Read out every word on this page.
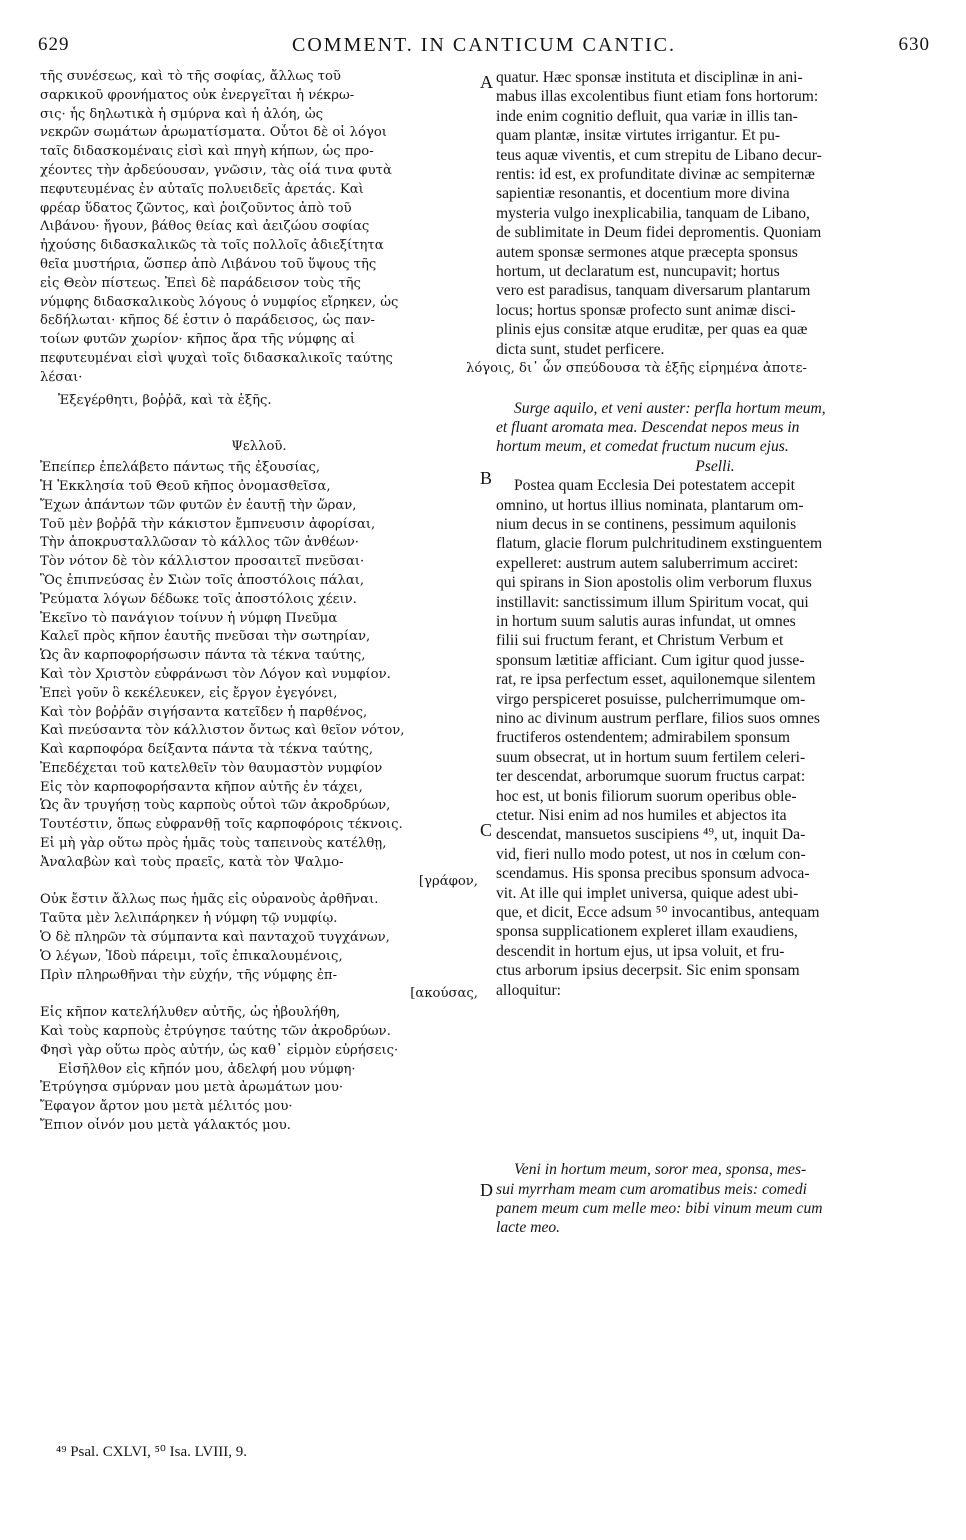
629	COMMENT. IN CANTICUM CANTIC.	630
A
B
C
D

τῆς συνέσεως, καὶ τὸ τῆς σοφίας, ἄλλως τοῦ

σαρκικοῦ φρονήματος οὐκ ἐνεργεῖται ἡ νέκρω-

σις· ἧς δηλωτικὰ ἡ σμύρνα καὶ ἡ ἀλόη, ὡς

νεκρῶν σωμάτων ἀρωματίσματα. Οὗτοι δὲ οἱ λόγοι

ταῖς διδασκομέναις εἰσὶ καὶ πηγὴ κήπων, ὡς προ-

χέοντες τὴν ἀρδεύουσαν, γνῶσιν, τὰς οἷά τινα φυτὰ

πεφυτευμένας ἐν αὐταῖς πολυειδεῖς ἀρετάς. Καὶ

φρέαρ ὕδατος ζῶντος, καὶ ῥοιζοῦντος ἀπὸ τοῦ

Λιβάνου· ἤγουν, βάθος θείας καὶ ἀειζώου σοφίας

ἠχούσης διδασκαλικῶς τὰ τοῖς πολλοῖς ἀδιεξίτητα

θεῖα μυστήρια, ὥσπερ ἀπὸ Λιβάνου τοῦ ὕψους τῆς

εἰς Θεὸν πίστεως. Ἐπεὶ δὲ παράδεισον τοὺς τῆς

νύμφης διδασκαλικοὺς λόγους ὁ νυμφίος εἴρηκεν, ὡς

δεδήλωται· κῆπος δέ ἐστιν ὁ παράδεισος, ὡς παν-

τοίων φυτῶν χωρίον· κῆπος ἄρα τῆς νύμφης αἱ

πεφυτευμέναι εἰσὶ ψυχαὶ τοῖς διδασκαλικοῖς ταύτης

λέσαι·

Ἐξεγέρθητι, βοῤῥᾶ, καὶ τὰ ἑξῆς.

Ψελλοῦ.

Ἐπείπερ ἐπελάβετο πάντως τῆς ἐξουσίας,

Ἡ Ἐκκλησία τοῦ Θεοῦ κῆπος ὀνομασθεῖσα,

Ἔχων ἁπάντων τῶν φυτῶν ἐν ἑαυτῇ τὴν ὥραν,

Τοῦ μὲν βοῤῥᾶ τὴν κάκιστον ἔμπνευσιν ἀφορίσαι,

Τὴν ἀποκρυσταλλῶσαν τὸ κάλλος τῶν ἀνθέων·

Τὸν νότον δὲ τὸν κάλλιστον προσαιτεῖ πνεῦσαι·

Ὃς ἐπιπνεύσας ἐν Σιὼν τοῖς ἀποστόλοις πάλαι,

Ῥεύματα λόγων δέδωκε τοῖς ἀποστόλοις χέειν.

Ἐκεῖνο τὸ πανάγιον τοίνυν ἡ νύμφη Πνεῦμα

Καλεῖ πρὸς κῆπον ἑαυτῆς πνεῦσαι τὴν σωτηρίαν,

Ὡς ἂν καρποφορήσωσιν πάντα τὰ τέκνα ταύτης,

Καὶ τὸν Χριστὸν εὐφράνωσι τὸν Λόγον καὶ νυμφίον.

Ἐπεὶ γοῦν ὃ κεκέλευκεν, εἰς ἔργον ἐγεγόνει,

Καὶ τὸν βοῤῥᾶν σιγήσαντα κατεῖδεν ἡ παρθένος,

Καὶ πνεύσαντα τὸν κάλλιστον ὄντως καὶ θεῖον νότον,

Καὶ καρποφόρα δείξαντα πάντα τὰ τέκνα ταύτης,

Ἐπεδέχεται τοῦ κατελθεῖν τὸν θαυμαστὸν νυμφίον

Εἰς τὸν καρποφορήσαντα κῆπον αὐτῆς ἐν τάχει,

Ὡς ἂν τρυγήσῃ τοὺς καρποὺς οὗτοὶ τῶν ἀκροδρύων,

Τουτέστιν, ὅπως εὐφρανθῇ τοῖς καρποφόροις τέκνοις.

Εἰ μὴ γὰρ οὕτω πρὸς ἡμᾶς τοὺς ταπεινοὺς κατέλθῃ,

Ἀναλαβὼν καὶ τοὺς πραεῖς, κατὰ τὸν Ψαλμο-

[γράφον,

Οὐκ ἔστιν ἄλλως πως ἡμᾶς εἰς οὐρανοὺς ἀρθῆναι.

Ταῦτα μὲν λελιπάρηκεν ἡ νύμφη τῷ νυμφίῳ.

Ὁ δὲ πληρῶν τὰ σύμπαντα καὶ πανταχοῦ τυγχάνων,

Ὁ λέγων, Ἰδοὺ πάρειμι, τοῖς ἐπικαλουμένοις,

Πρὶν πληρωθῆναι τὴν εὐχήν, τῆς νύμφης ἐπ-

[ακούσας,

Εἰς κῆπον κατελήλυθεν αὐτῆς, ὡς ἠβουλήθη,

Καὶ τοὺς καρποὺς ἐτρύγησε ταύτης τῶν ἀκροδρύων.

Φησὶ γὰρ οὕτω πρὸς αὐτήν, ὡς καθ᾽ εἱρμὸν εὑρήσεις·

Εἰσῆλθον εἰς κῆπόν μου, ἀδελφή μου νύμφη·

Ἐτρύγησα σμύρναν μου μετὰ ἀρωμάτων μου·

Ἔφαγον ἄρτον μου μετὰ μέλιτός μου·

Ἔπιον οἶνόν μου μετὰ γάλακτός μου.

quatur. Hæc sponsæ instituta et disciplinæ in ani-

mabus illas excolentibus fiunt etiam fons hortorum:

inde enim cognitio defluit, qua variæ in illis tan-

quam plantæ, insitæ virtutes irrigantur. Et pu-

teus aquæ viventis, et cum strepitu de Libano decur-

rentis: id est, ex profunditate divinæ ac sempiternæ

sapientiæ resonantis, et docentium more divina

mysteria vulgo inexplicabilia, tanquam de Libano,

de sublimitate in Deum fidei depromentis. Quoniam

autem sponsæ sermones atque præcepta sponsus

hortum, ut declaratum est, nuncupavit; hortus

vero est paradisus, tanquam diversarum plantarum

locus; hortus sponsæ profecto sunt animæ disci-

plinis ejus consitæ atque eruditæ, per quas ea quæ

dicta sunt, studet perficere.

λόγοις, δι᾽ ὧν σπεύδουσα τὰ ἑξῆς εἰρημένα ἀποτε-

Surge aquilo, et veni auster: perfla hortum meum,

et fluant aromata mea. Descendat nepos meus in

hortum meum, et comedat fructum nucum ejus.

Pselli.

Postea quam Ecclesia Dei potestatem accepit

omnino, ut hortus illius nominata, plantarum om-

nium decus in se continens, pessimum aquilonis

flatum, glacie florum pulchritudinem exstinguentem

expelleret: austrum autem saluberrimum acciret:

qui spirans in Sion apostolis olim verborum fluxus

instillavit: sanctissimum illum Spiritum vocat, qui

in hortum suum salutis auras infundat, ut omnes

filii sui fructum ferant, et Christum Verbum et

sponsum lætitiæ afficiant. Cum igitur quod jusse-

rat, re ipsa perfectum esset, aquilonemque silentem

virgo perspiceret posuisse, pulcherrimumque om-

nino ac divinum austrum perflare, filios suos omnes

fructiferos ostendentem; admirabilem sponsum

suum obsecrat, ut in hortum suum fertilem celeri-

ter descendat, arborumque suorum fructus carpat:

hoc est, ut bonis filiorum suorum operibus oble-

ctetur. Nisi enim ad nos humiles et abjectos ita

descendat, mansuetos suscipiens ⁴⁹, ut, inquit Da-

vid, fieri nullo modo potest, ut nos in cœlum con-

scendamus. His sponsa precibus sponsum advoca-

vit. At ille qui implet universa, quique adest ubi-

que, et dicit, Ecce adsum ⁵⁰ invocantibus, antequam

sponsa supplicationem expleret illam exaudiens,

descendit in hortum ejus, ut ipsa voluit, et fru-

ctus arborum ipsius decerpsit. Sic enim sponsam

alloquitur:

Veni in hortum meum, soror mea, sponsa, mes-

sui myrrham meam cum aromatibus meis: comedi

panem meum cum melle meo: bibi vinum meum cum

lacte meo.

⁴⁹ Psal. CXLVI, ⁵⁰ Isa. LVIII, 9.
